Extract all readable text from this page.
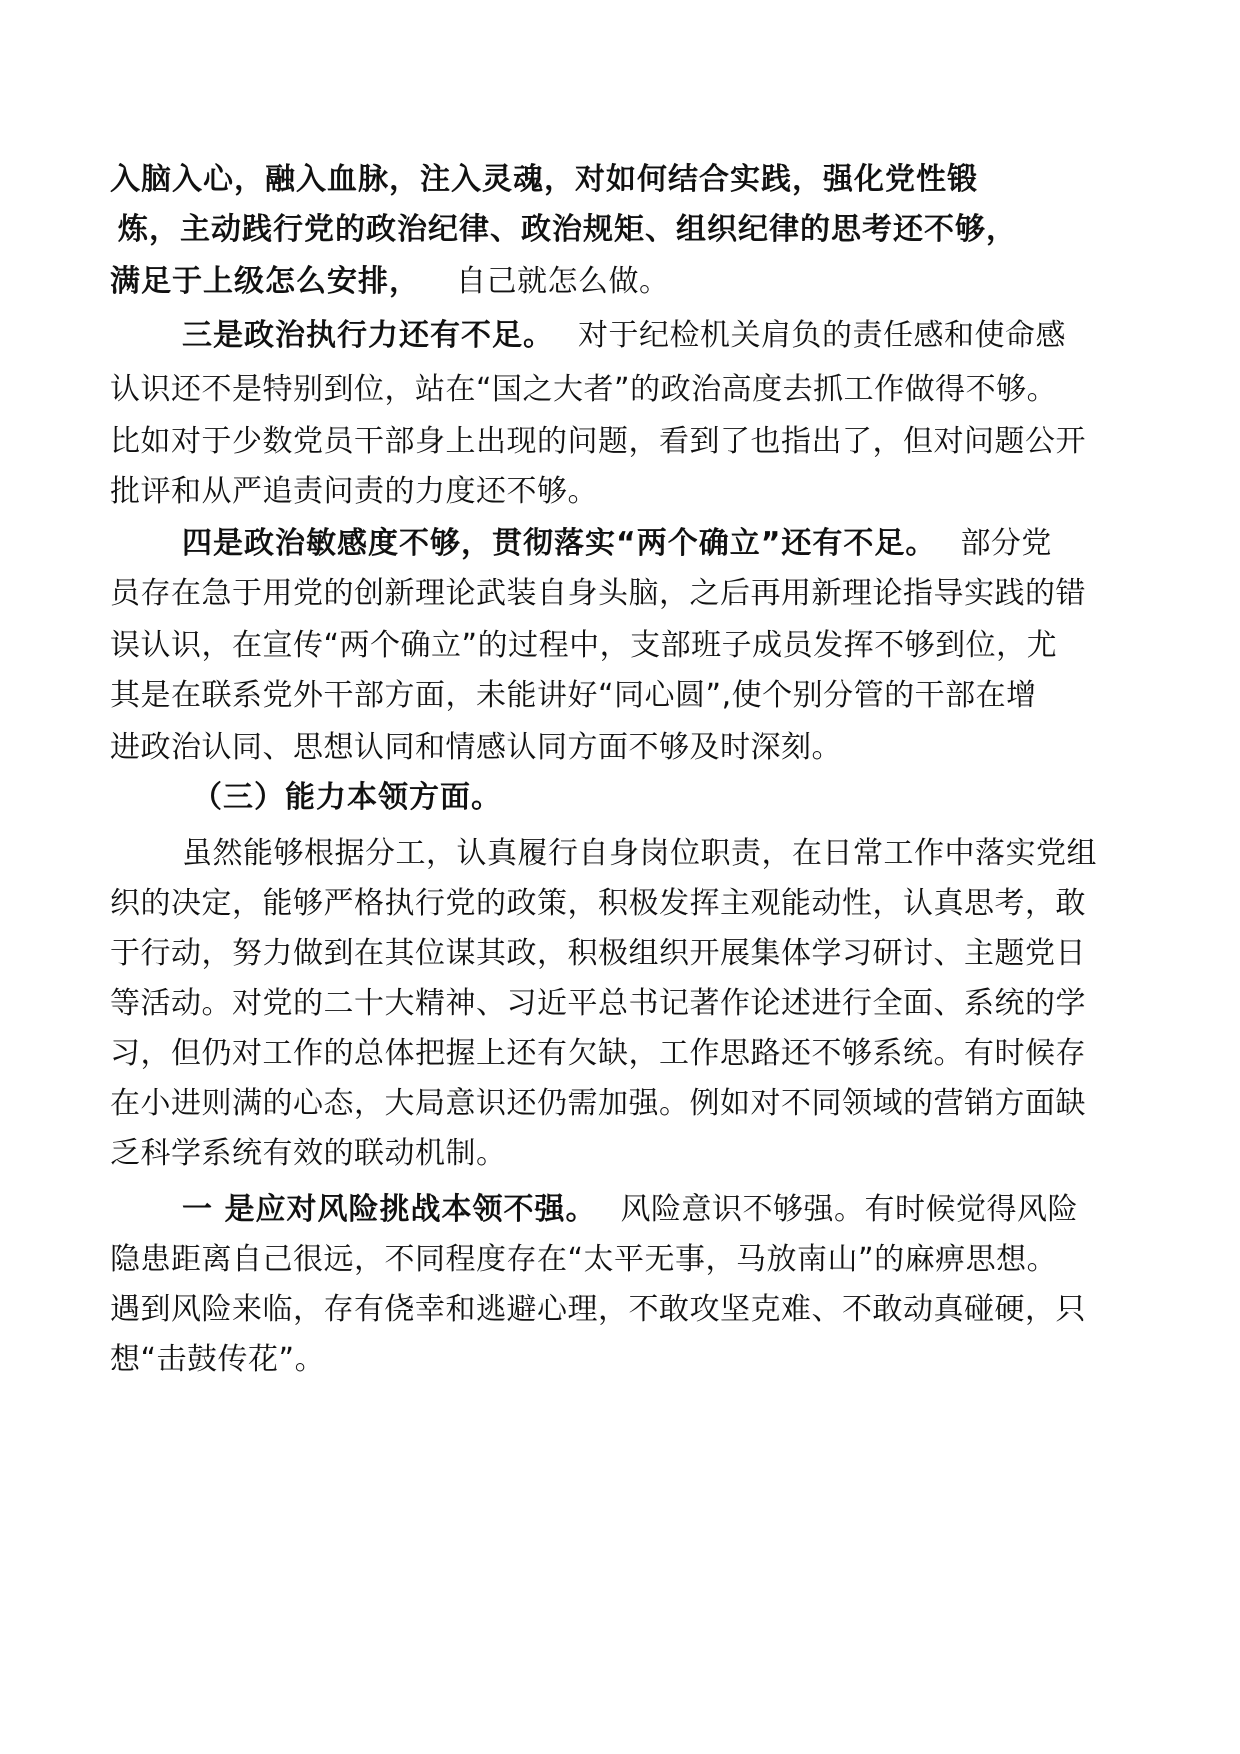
入脑入心，融入血脉，注入灵魂，对如何结合实践，强化党性锻

炼，主动践行党的政治纪律、政治规矩、组织纪律的思考还不够，

满足于上级怎么安排， 自己就怎么做。

三是政治执行力还有不足。 对于纪检机关肩负的责任感和使命感

认识还不是特别到位，站在“国之大者”的政治高度去抓工作做得不够。

比如对于少数党员干部身上出现的问题，看到了也指出了，但对问题公开

批评和从严追责问责的力度还不够。

四是政治敏感度不够，贯彻落实“两个确立”还有不足。 部分党

员存在急于用党的创新理论武装自身头脑，之后再用新理论指导实践的错

误认识，在宣传“两个确立”的过程中，支部班子成员发挥不够到位，尤

其是在联系党外干部方面，未能讲好“同心圆”,使个别分管的干部在增

进政治认同、思想认同和情感认同方面不够及时深刻。

（三）能力本领方面。

虽然能够根据分工，认真履行自身岗位职责，在日常工作中落实党组

织的决定，能够严格执行党的政策，积极发挥主观能动性，认真思考，敢

于行动，努力做到在其位谋其政，积极组织开展集体学习研讨、主题党日

等活动。对党的二十大精神、习近平总书记著作论述进行全面、系统的学

习，但仍对工作的总体把握上还有欠缺，工作思路还不够系统。有时候存

在小进则满的心态，大局意识还仍需加强。例如对不同领域的营销方面缺

乏科学系统有效的联动机制。

一 是应对风险挑战本领不强。 风险意识不够强。有时候觉得风险

隐患距离自己很远，不同程度存在“太平无事，马放南山”的麻痹思想。

遇到风险来临，存有侥幸和逃避心理，不敢攻坚克难、不敢动真碰硬，只

想“击鼓传花”。
